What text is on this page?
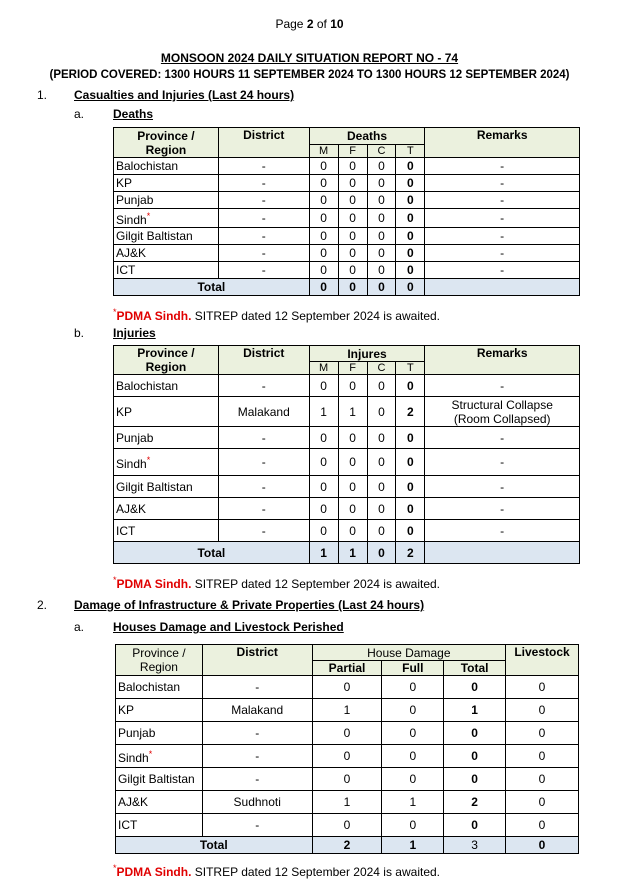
Page 2 of 10
MONSOON 2024 DAILY SITUATION REPORT NO - 74
(PERIOD COVERED: 1300 HOURS 11 SEPTEMBER 2024 TO 1300 HOURS 12 SEPTEMBER 2024)
1. Casualties and Injuries (Last 24 hours)
a. Deaths
Province /
Region	District	Deaths				Remarks
		M	F	C	T	
Balochistan	-	0	0	0	0	-
KP	-	0	0	0	0	-
Punjab	-	0	0	0	0	-
Sindh*	-	0	0	0	0	-
Gilgit Baltistan	-	0	0	0	0	-
AJ&K	-	0	0	0	0	-
ICT	-	0	0	0	0	-
Total		0	0	0	0	
*PDMA Sindh. SITREP dated 12 September 2024 is awaited.
b. Injuries
Province /
Region	District	Injures				Remarks
		M	F	C	T	
Balochistan	-	0	0	0	0	-
KP	Malakand	1	1	0	2	Structural Collapse
(Room Collapsed)
Punjab	-	0	0	0	0	-
Sindh*	-	0	0	0	0	-
Gilgit Baltistan	-	0	0	0	0	-
AJ&K	-	0	0	0	0	-
ICT	-	0	0	0	0	-
Total		1	1	0	2	
*PDMA Sindh. SITREP dated 12 September 2024 is awaited.
2. Damage of Infrastructure & Private Properties (Last 24 hours)
a. Houses Damage and Livestock Perished
Province /
Region	District	House Damage			Livestock
		Partial	Full	Total	
Balochistan	-	0	0	0	0
KP	Malakand	1	0	1	0
Punjab	-	0	0	0	0
Sindh*	-	0	0	0	0
Gilgit Baltistan	-	0	0	0	0
AJ&K	Sudhnoti	1	1	2	0
ICT	-	0	0	0	0
Total		2	1	3	0
*PDMA Sindh. SITREP dated 12 September 2024 is awaited.
